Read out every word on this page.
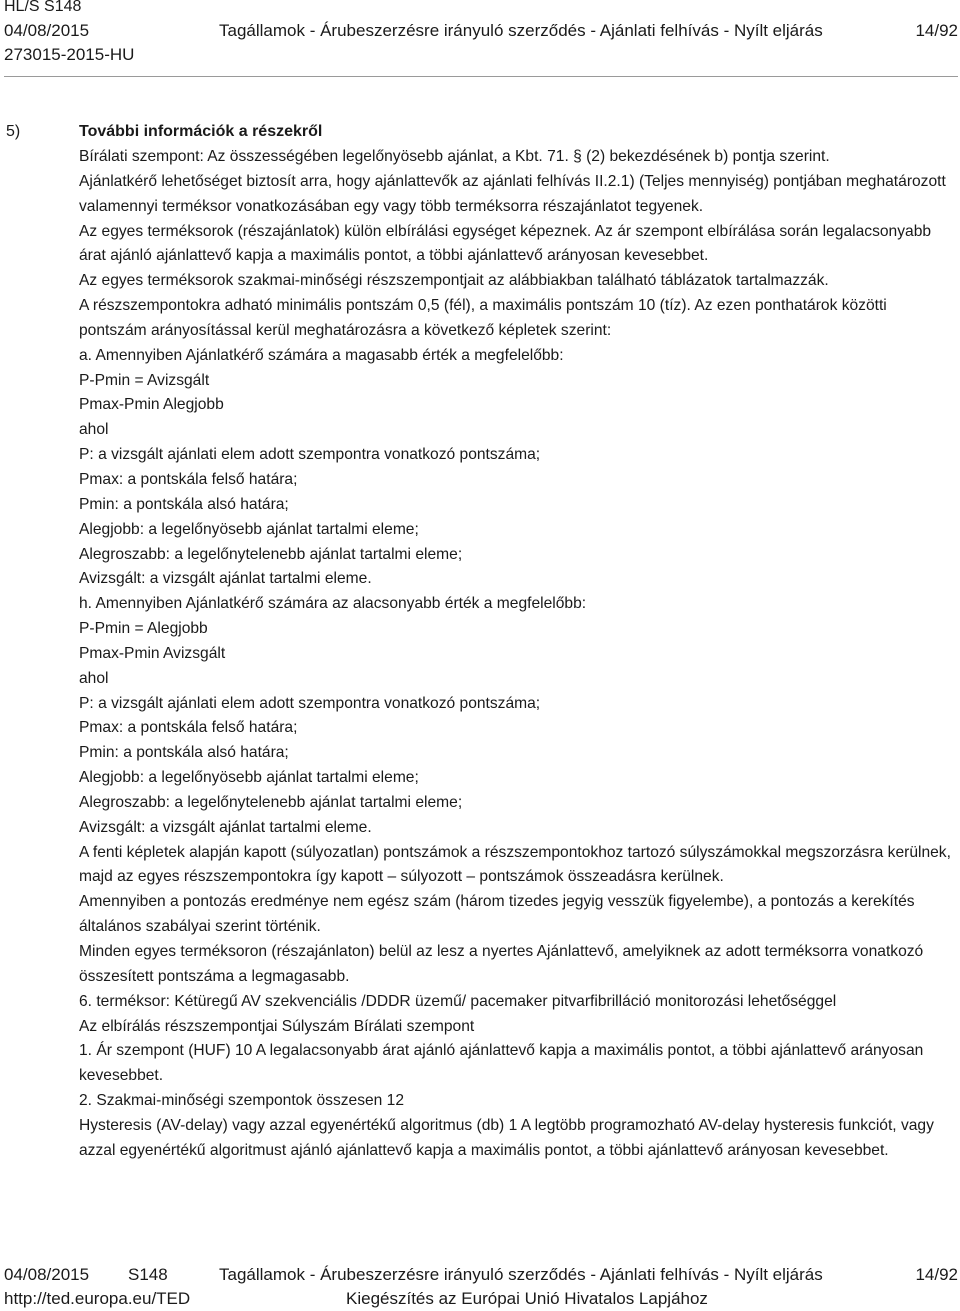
HL/S S148
04/08/2015	Tagállamok - Árubeszerzésre irányuló szerződés - Ajánlati felhívás - Nyílt eljárás	14/92
273015-2015-HU
5)	További információk a részekről

Bírálati szempont: Az összességében legelőnyösebb ajánlat, a Kbt. 71. § (2) bekezdésének b) pontja szerint.

Ajánlatkérő lehetőséget biztosít arra, hogy ajánlattevők az ajánlati felhívás II.2.1) (Teljes mennyiség) pontjában meghatározott valamennyi terméksor vonatkozásában egy vagy több terméksorra részajánlatot tegyenek.

Az egyes terméksorok (részajánlatok) külön elbírálási egységet képeznek. Az ár szempont elbírálása során legalacsonyabb árat ajánló ajánlattevő kapja a maximális pontot, a többi ajánlattevő arányosan kevesebbet.

Az egyes terméksorok szakmai-minőségi részszempontjait az alábbiakban található táblázatok tartalmazzák.

A részszempontokra adható minimális pontszám 0,5 (fél), a maximális pontszám 10 (tíz). Az ezen ponthatárok közötti pontszám arányosítással kerül meghatározásra a következő képletek szerint:

a. Amennyiben Ajánlatkérő számára a magasabb érték a megfelelőbb:

P-Pmin = Avizsgált

Pmax-Pmin Alegjobb

ahol

P: a vizsgált ajánlati elem adott szempontra vonatkozó pontszáma;

Pmax: a pontskála felső határa;

Pmin: a pontskála alsó határa;

Alegjobb: a legelőnyösebb ajánlat tartalmi eleme;

Alegroszabb: a legelőnytelenebb ajánlat tartalmi eleme;

Avizsgált: a vizsgált ajánlat tartalmi eleme.

h. Amennyiben Ajánlatkérő számára az alacsonyabb érték a megfelelőbb:

P-Pmin = Alegjobb

Pmax-Pmin Avizsgált

ahol

P: a vizsgált ajánlati elem adott szempontra vonatkozó pontszáma;

Pmax: a pontskála felső határa;

Pmin: a pontskála alsó határa;

Alegjobb: a legelőnyösebb ajánlat tartalmi eleme;

Alegroszabb: a legelőnytelenebb ajánlat tartalmi eleme;

Avizsgált: a vizsgált ajánlat tartalmi eleme.

A fenti képletek alapján kapott (súlyozatlan) pontszámok a részszempontokhoz tartozó súlyszámokkal megszorzásra kerülnek, majd az egyes részszempontokra így kapott – súlyozott – pontszámok összeadásra kerülnek.

Amennyiben a pontozás eredménye nem egész szám (három tizedes jegyig vesszük figyelembe), a pontozás a kerekítés általános szabályai szerint történik.

Minden egyes terméksoron (részajánlaton) belül az lesz a nyertes Ajánlattevő, amelyiknek az adott terméksorra vonatkozó összesített pontszáma a legmagasabb.

6. terméksor: Kétüregű AV szekvenciális /DDDR üzemű/ pacemaker pitvarfibrilláció monitorozási lehetőséggel

Az elbírálás részszempontjai Súlyszám Bírálati szempont

1. Ár szempont (HUF) 10 A legalacsonyabb árat ajánló ajánlattevő kapja a maximális pontot, a többi ajánlattevő arányosan kevesebbet.

2. Szakmai-minőségi szempontok összesen 12

Hysteresis (AV-delay) vagy azzal egyenértékű algoritmus (db) 1 A legtöbb programozható AV-delay hysteresis funkciót, vagy azzal egyenértékű algoritmust ajánló ajánlattevő kapja a maximális pontot, a többi ajánlattevő arányosan kevesebbet.

04/08/2015 S148	Tagállamok - Árubeszerzésre irányuló szerződés - Ajánlati felhívás - Nyílt eljárás	14/92
http://ted.europa.eu/TED	Kiegészítés az Európai Unió Hivatalos Lapjához
